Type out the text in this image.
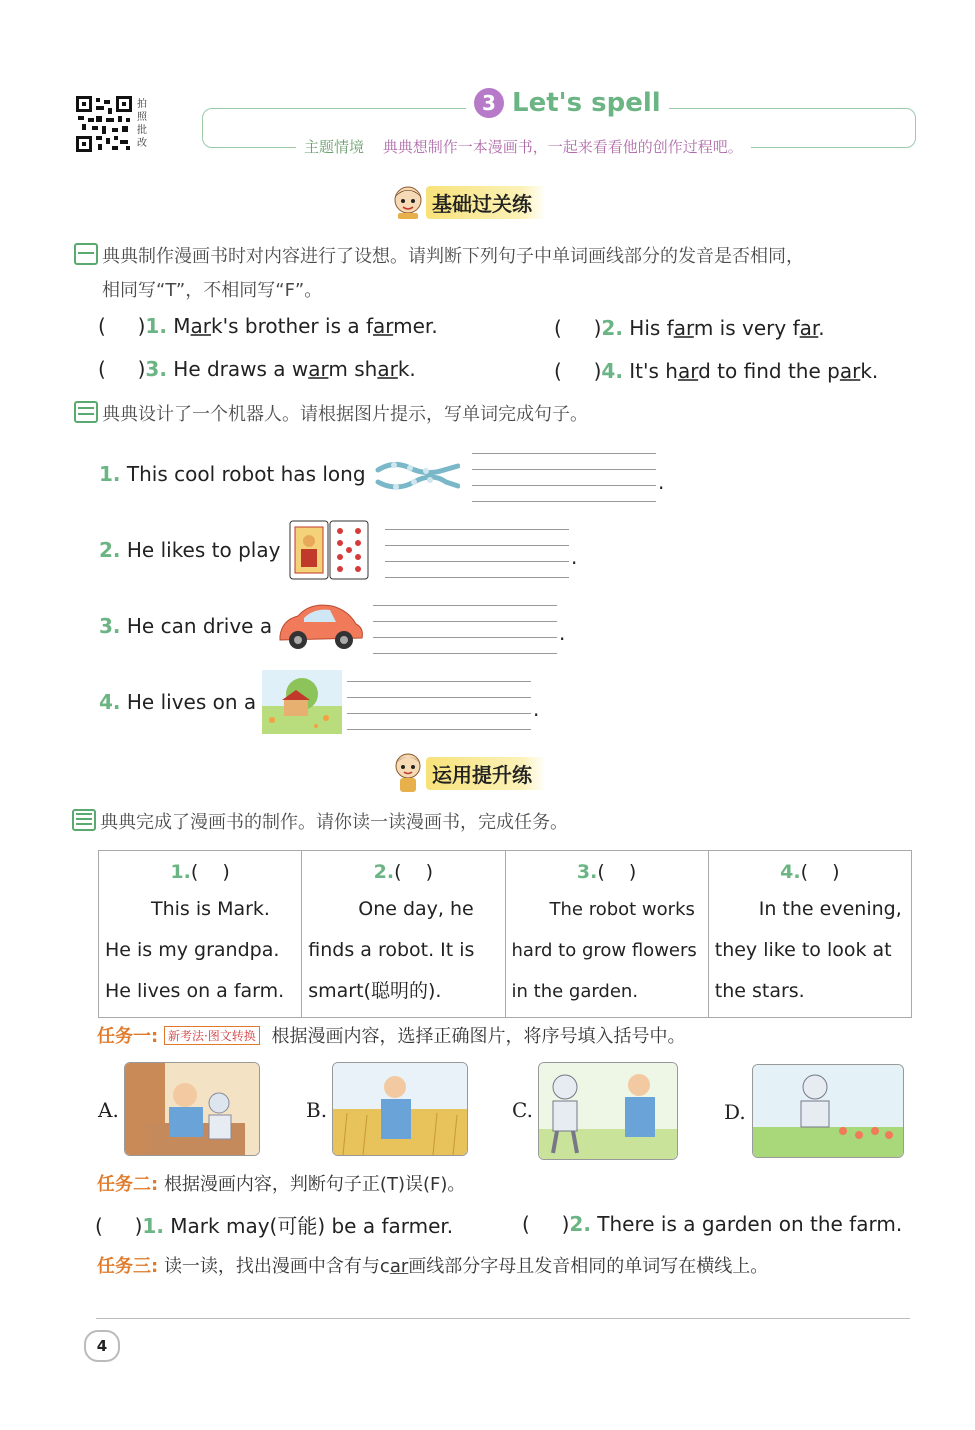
拍照批改
3 Let's spell
主题情境 典典想制作一本漫画书，一起来看看他的创作过程吧。
基础过关练
典典制作漫画书时对内容进行了设想。请判断下列句子中单词画线部分的发音是否相同，
相同写“T”，不相同写“F”。
(     )1. Mark's brother is a farmer.	(     )2. His farm is very far.
(     )3. He draws a warm shark.	(     )4. It's hard to find the park.
典典设计了一个机器人。请根据图片提示，写单词完成句子。
1. This cool robot has long	.
2. He likes to play	.
3. He can drive a	.
4. He lives on a	.
运用提升练
典典完成了漫画书的制作。请你读一读漫画书，完成任务。
1.(    )
This is Mark.
He is my grandpa.
He lives on a farm.
2.(    )
One day, he
finds a robot. It is
smart(聪明的).
3.(    )
The robot works
hard to grow flowers
in the garden.
4.(    )
In the evening,
they like to look at
the stars.
任务一: 新考法·图文转换 根据漫画内容，选择正确图片，将序号填入括号中。
A.	B.	C.	D.
任务二: 根据漫画内容，判断句子正(T)误(F)。
(     )1. Mark may(可能) be a farmer.	(     )2. There is a garden on the farm.
任务三: 读一读，找出漫画中含有与car画线部分字母且发音相同的单词写在横线上。
4
